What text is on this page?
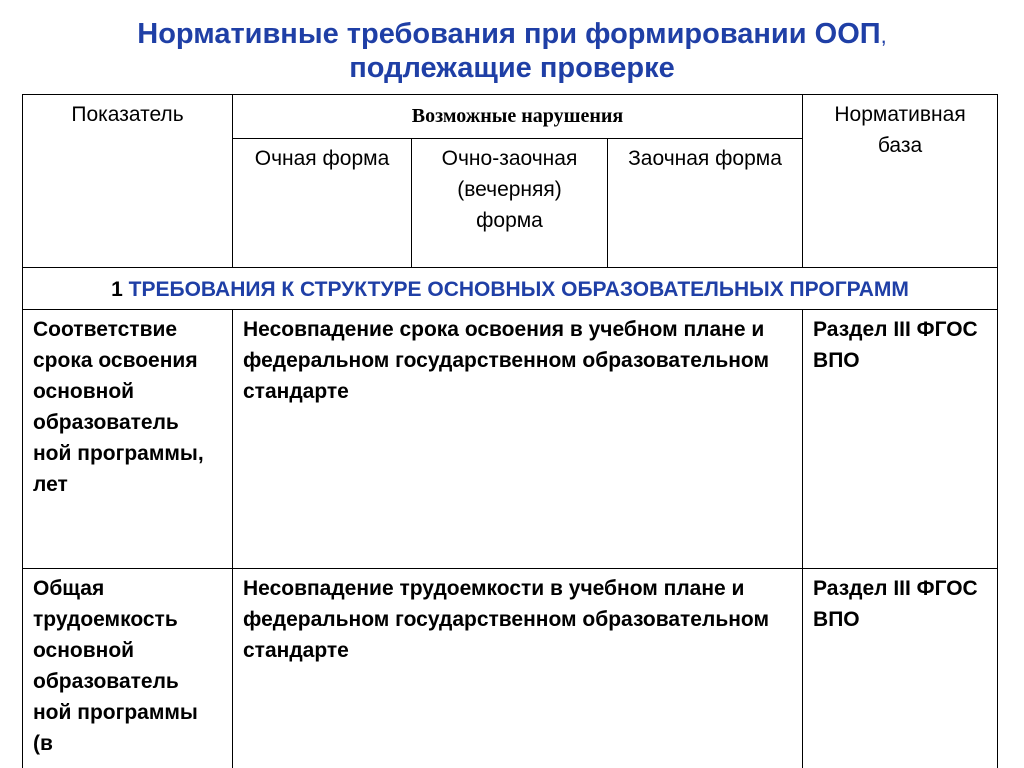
Нормативные требования при формировании ООП,
подлежащие проверке
Показатель	Возможные нарушения			Нормативная база
	Очная форма	Очно-заочная (вечерняя) форма	Заочная форма	
1 ТРЕБОВАНИЯ К СТРУКТУРЕ ОСНОВНЫХ ОБРАЗОВАТЕЛЬНЫХ ПРОГРАММ				
Соответствие срока освоения основной образователь ной программы, лет	Несовпадение срока освоения в учебном плане и федеральном государственном образовательном стандарте			Раздел III ФГОС ВПО
Общая трудоемкость основной образователь ной программы (в	Несовпадение трудоемкости в учебном плане и федеральном государственном образовательном стандарте			Раздел III ФГОС ВПО
